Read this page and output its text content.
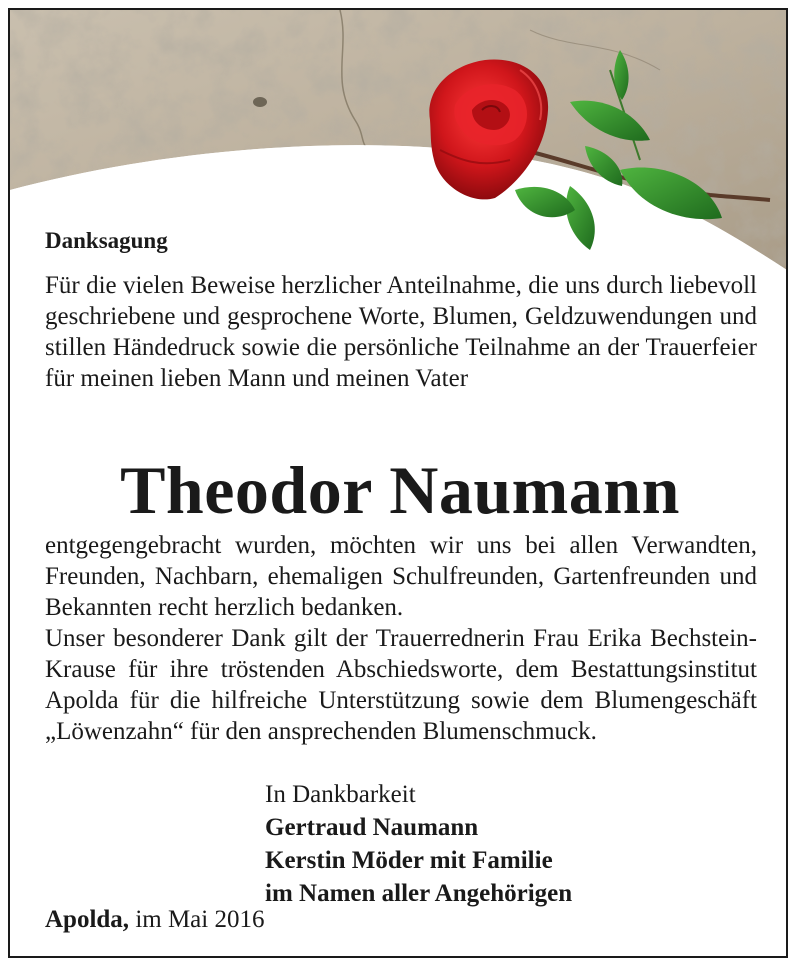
Danksagung
Für die vielen Beweise herzlicher Anteilnahme, die uns durch liebevoll geschriebene und gesprochene Worte, Blumen, Geldzuwendungen und stillen Händedruck sowie die persönliche Teilnahme an der Trauerfeier für meinen lieben Mann und meinen Vater
Theodor Naumann
entgegengebracht wurden, möchten wir uns bei allen Verwandten, Freunden, Nachbarn, ehemaligen Schulfreunden, Gartenfreunden und Bekannten recht herzlich bedanken.
Unser besonderer Dank gilt der Trauerrednerin Frau Erika Bechstein-Krause für ihre tröstenden Abschiedsworte, dem Bestattungsinstitut Apolda für die hilfreiche Unterstützung sowie dem Blumengeschäft „Löwenzahn“ für den ansprechenden Blumenschmuck.
In Dankbarkeit
Gertraud Naumann
Kerstin Möder mit Familie
im Namen aller Angehörigen
Apolda, im Mai 2016
